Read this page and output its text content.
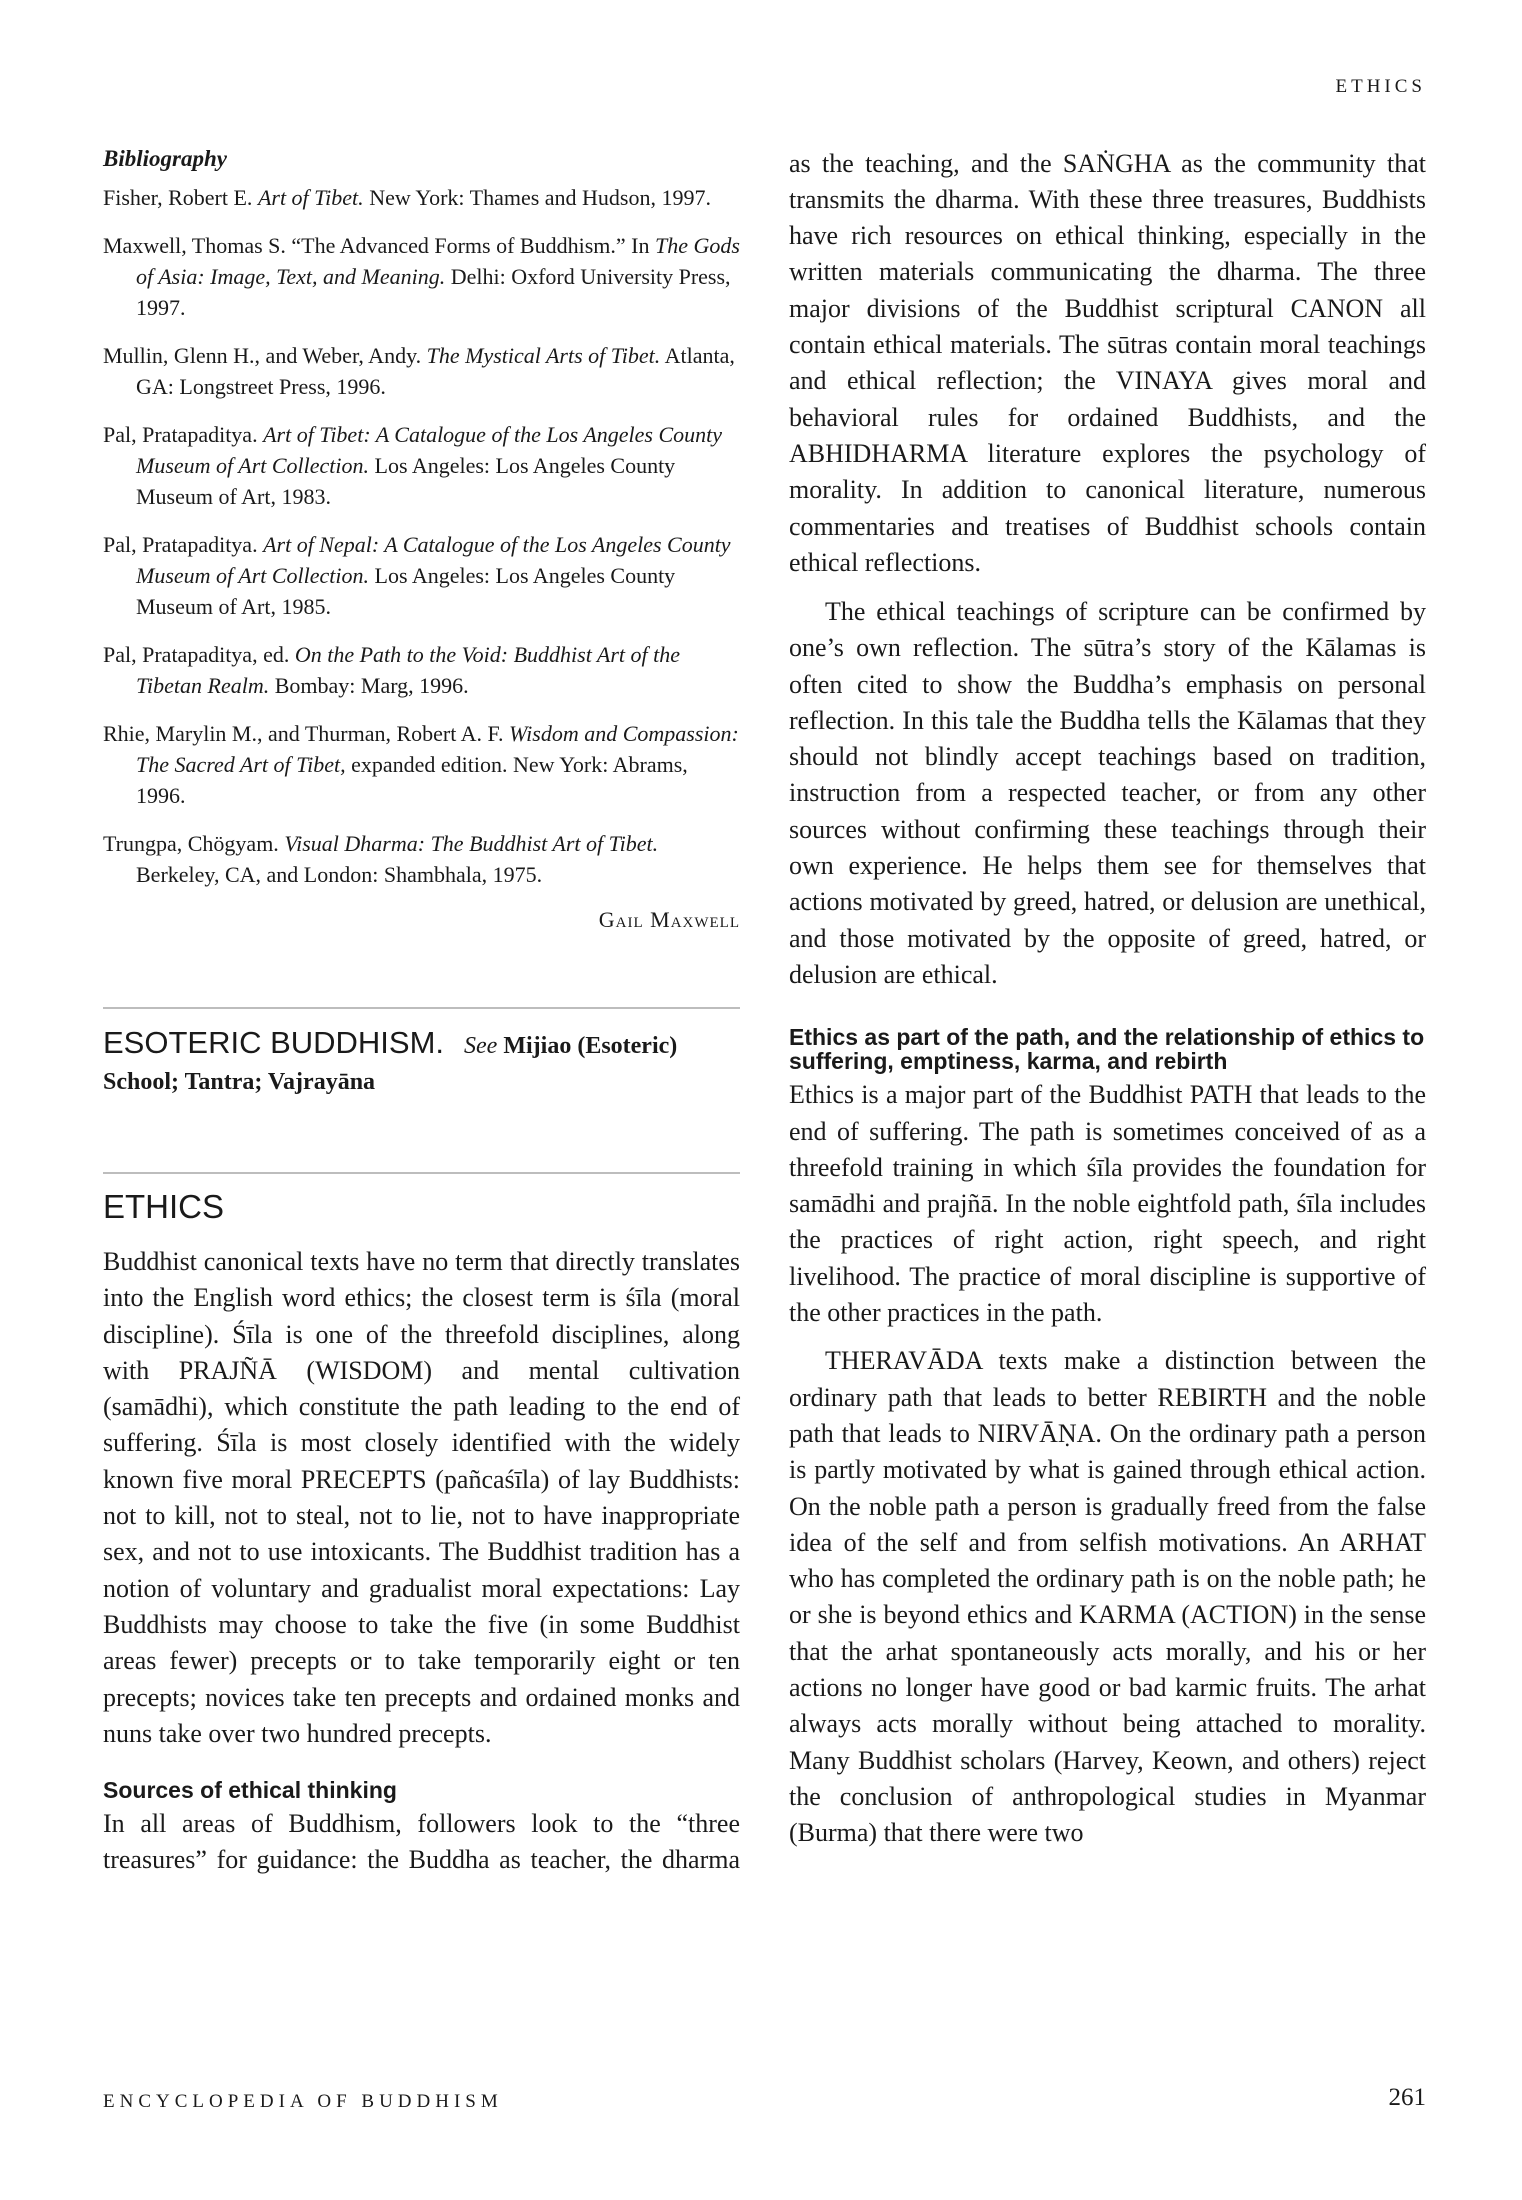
ETHICS
Bibliography
Fisher, Robert E. Art of Tibet. New York: Thames and Hudson, 1997.
Maxwell, Thomas S. “The Advanced Forms of Buddhism.” In The Gods of Asia: Image, Text, and Meaning. Delhi: Oxford University Press, 1997.
Mullin, Glenn H., and Weber, Andy. The Mystical Arts of Tibet. Atlanta, GA: Longstreet Press, 1996.
Pal, Pratapaditya. Art of Tibet: A Catalogue of the Los Angeles County Museum of Art Collection. Los Angeles: Los Angeles County Museum of Art, 1983.
Pal, Pratapaditya. Art of Nepal: A Catalogue of the Los Angeles County Museum of Art Collection. Los Angeles: Los Angeles County Museum of Art, 1985.
Pal, Pratapaditya, ed. On the Path to the Void: Buddhist Art of the Tibetan Realm. Bombay: Marg, 1996.
Rhie, Marylin M., and Thurman, Robert A. F. Wisdom and Compassion: The Sacred Art of Tibet, expanded edition. New York: Abrams, 1996.
Trungpa, Chögyam. Visual Dharma: The Buddhist Art of Tibet. Berkeley, CA, and London: Shambhala, 1975.
Gail Maxwell
ESOTERIC BUDDHISM. See Mijiao (Esoteric) School; Tantra; Vajrayāna
ETHICS

Buddhist canonical texts have no term that directly translates into the English word ethics; the closest term is śīla (moral discipline). Śīla is one of the threefold disciplines, along with PRAJÑĀ (WISDOM) and mental cultivation (samādhi), which constitute the path leading to the end of suffering. Śīla is most closely identified with the widely known five moral PRECEPTS (pañcaśīla) of lay Buddhists: not to kill, not to steal, not to lie, not to have inappropriate sex, and not to use intoxicants. The Buddhist tradition has a notion of voluntary and gradualist moral expectations: Lay Buddhists may choose to take the five (in some Buddhist areas fewer) precepts or to take temporarily eight or ten precepts; novices take ten precepts and ordained monks and nuns take over two hundred precepts.

Sources of ethical thinking
In all areas of Buddhism, followers look to the “three treasures” for guidance: the Buddha as teacher, the dharma
as the teaching, and the SAṄGHA as the community that transmits the dharma. With these three treasures, Buddhists have rich resources on ethical thinking, especially in the written materials communicating the dharma. The three major divisions of the Buddhist scriptural CANON all contain ethical materials. The sūtras contain moral teachings and ethical reflection; the VINAYA gives moral and behavioral rules for ordained Buddhists, and the ABHIDHARMA literature explores the psychology of morality. In addition to canonical literature, numerous commentaries and treatises of Buddhist schools contain ethical reflections.

The ethical teachings of scripture can be confirmed by one’s own reflection. The sūtra’s story of the Kālamas is often cited to show the Buddha’s emphasis on personal reflection. In this tale the Buddha tells the Kālamas that they should not blindly accept teachings based on tradition, instruction from a respected teacher, or from any other sources without confirming these teachings through their own experience. He helps them see for themselves that actions motivated by greed, hatred, or delusion are unethical, and those motivated by the opposite of greed, hatred, or delusion are ethical.

Ethics as part of the path, and the relationship of ethics to suffering, emptiness, karma, and rebirth

Ethics is a major part of the Buddhist PATH that leads to the end of suffering. The path is sometimes conceived of as a threefold training in which śīla provides the foundation for samādhi and prajñā. In the noble eightfold path, śīla includes the practices of right action, right speech, and right livelihood. The practice of moral discipline is supportive of the other practices in the path.

THERAVĀDA texts make a distinction between the ordinary path that leads to better REBIRTH and the noble path that leads to NIRVĀṆA. On the ordinary path a person is partly motivated by what is gained through ethical action. On the noble path a person is gradually freed from the false idea of the self and from selfish motivations. An ARHAT who has completed the ordinary path is on the noble path; he or she is beyond ethics and KARMA (ACTION) in the sense that the arhat spontaneously acts morally, and his or her actions no longer have good or bad karmic fruits. The arhat always acts morally without being attached to morality. Many Buddhist scholars (Harvey, Keown, and others) reject the conclusion of anthropological studies in Myanmar (Burma) that there were two

ENCYCLOPEDIA OF BUDDHISM	261
